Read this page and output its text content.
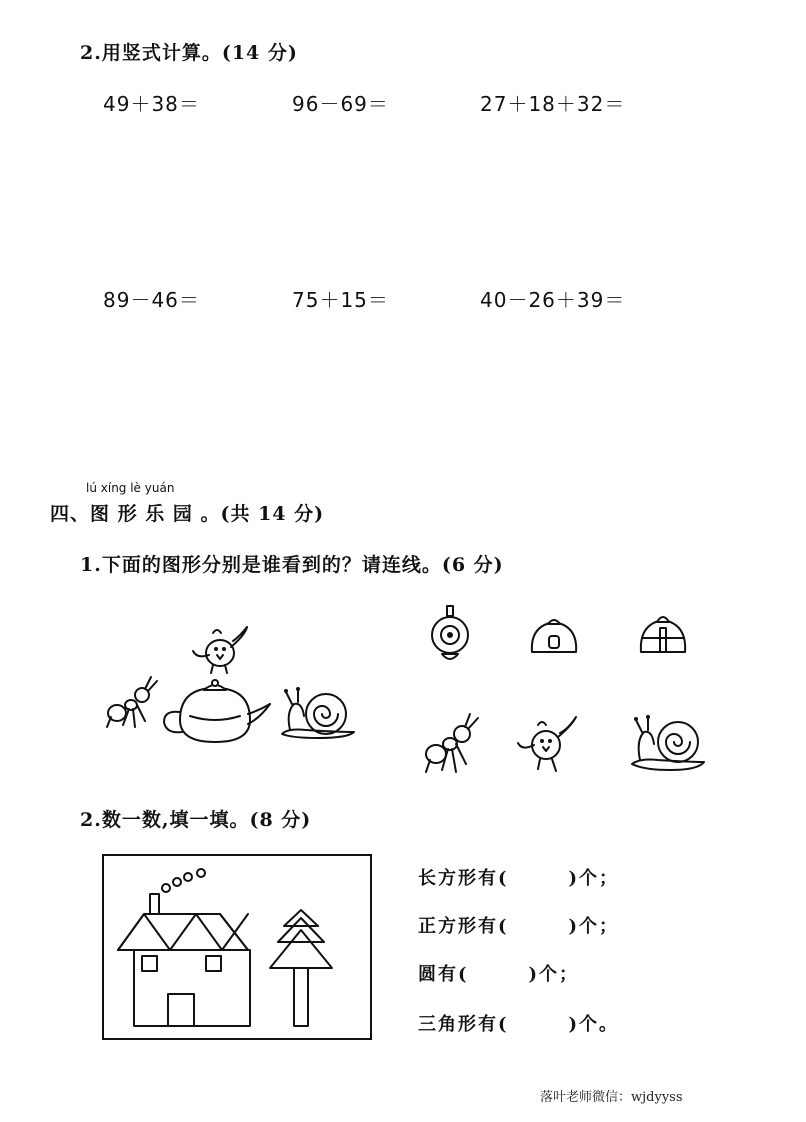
2.用竖式计算。(14 分)
49＋38＝	96－69＝	27＋18＋32＝
89－46＝	75＋15＝	40－26＋39＝
lú xíng lè yuán
四、图 形 乐 园 。(共 14 分)
1.下面的图形分别是谁看到的？请连线。(6 分)
2.数一数,填一填。(8 分)
长方形有(　　　)个；
正方形有(　　　)个；
圆有(　　　)个；
三角形有(　　　)个。
落叶老师微信：wjdyyss
